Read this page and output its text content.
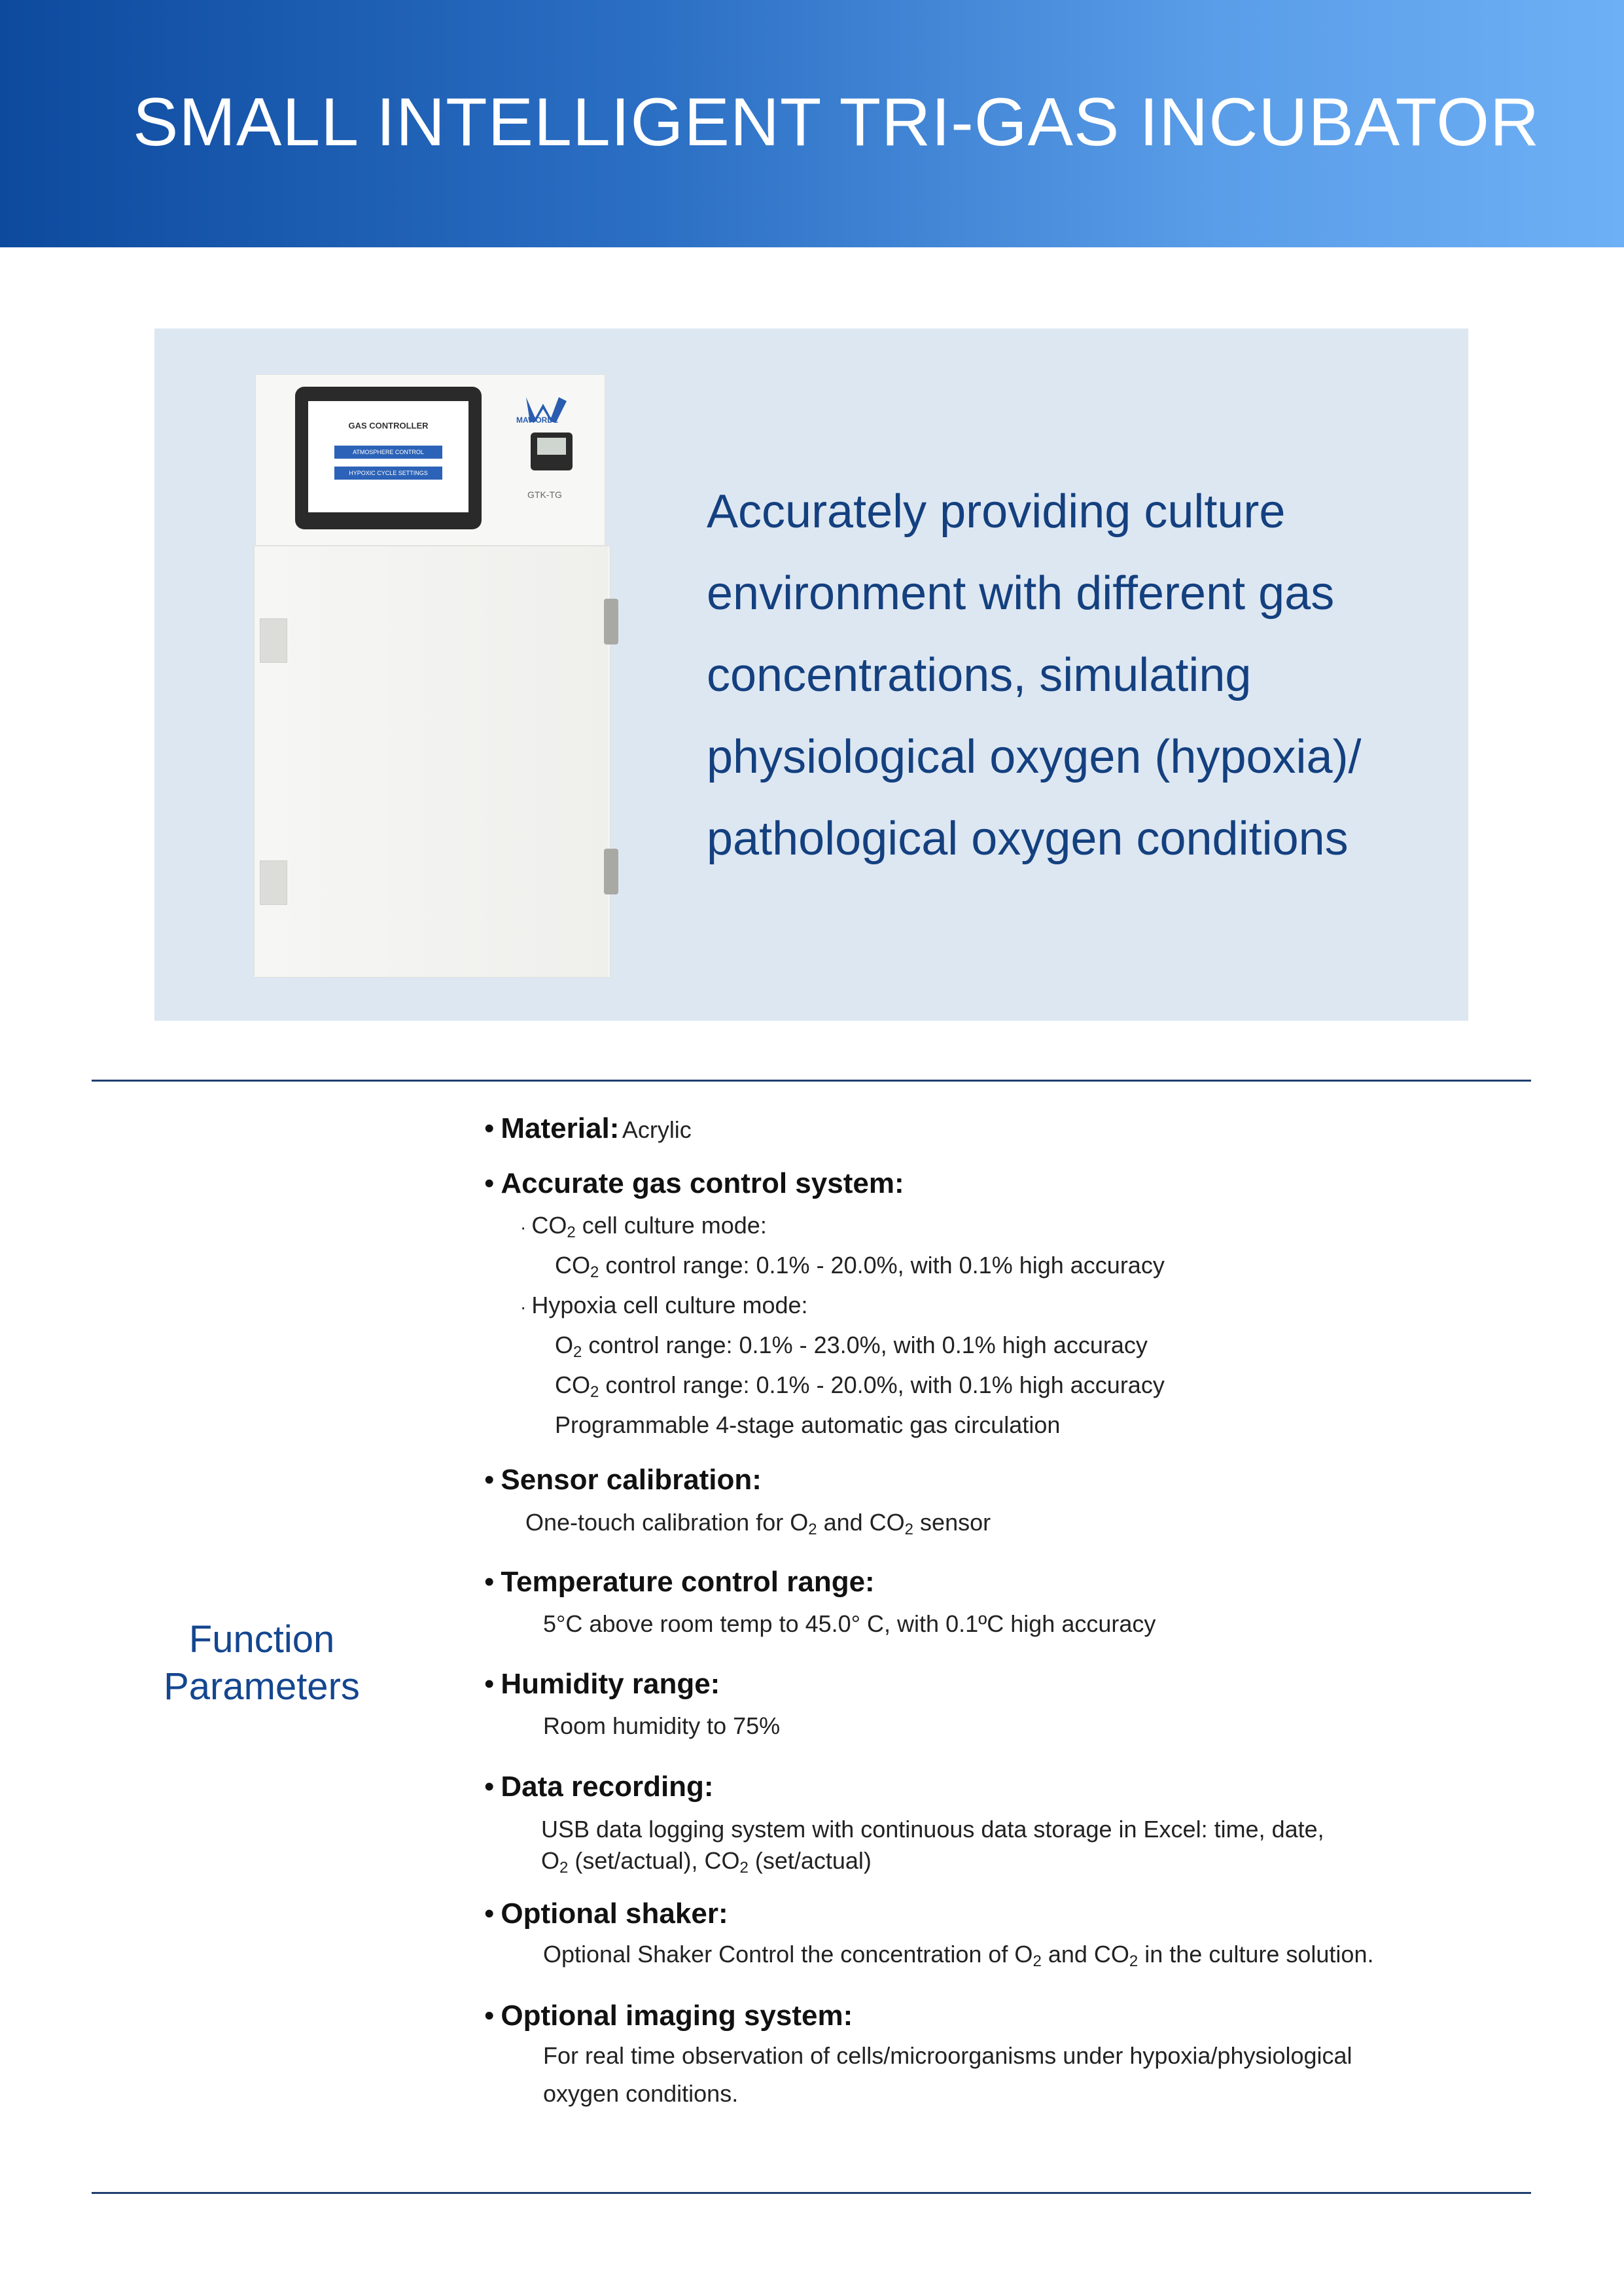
SMALL INTELLIGENT TRI-GAS INCUBATOR
GAS CONTROLLER
ATMOSPHERE CONTROL
HYPOXIC CYCLE SETTINGS
MAWORDE
GTK-TG	Accurately providing culture environment with different gas concentrations, simulating physiological oxygen (hypoxia)/ pathological oxygen conditions
Function Parameters
• Material: Acrylic
• Accurate gas control system:
· $CO_2$ cell culture mode:
$CO_2$ control range: 0.1% - 20.0%, with 0.1% high accuracy
· Hypoxia cell culture mode:
$O_2$ control range: 0.1% - 23.0%, with 0.1% high accuracy
$CO_2$ control range: 0.1% - 20.0%, with 0.1% high accuracy
Programmable 4-stage automatic gas circulation
• Sensor calibration:
One-touch calibration for $O_2$ and $CO_2$ sensor
• Temperature control range:
5°C above room temp to 45.0° C, with 0.1ºC high accuracy
• Humidity range:
Room humidity to 75%
• Data recording:
USB data logging system with continuous data storage in Excel: time, date,
$O_2$ (set/actual), $CO_2$ (set/actual)
• Optional shaker:
Optional Shaker Control the concentration of $O_2$ and $CO_2$ in the culture solution.
• Optional imaging system:
For real time observation of cells/microorganisms under hypoxia/physiological
oxygen conditions.
